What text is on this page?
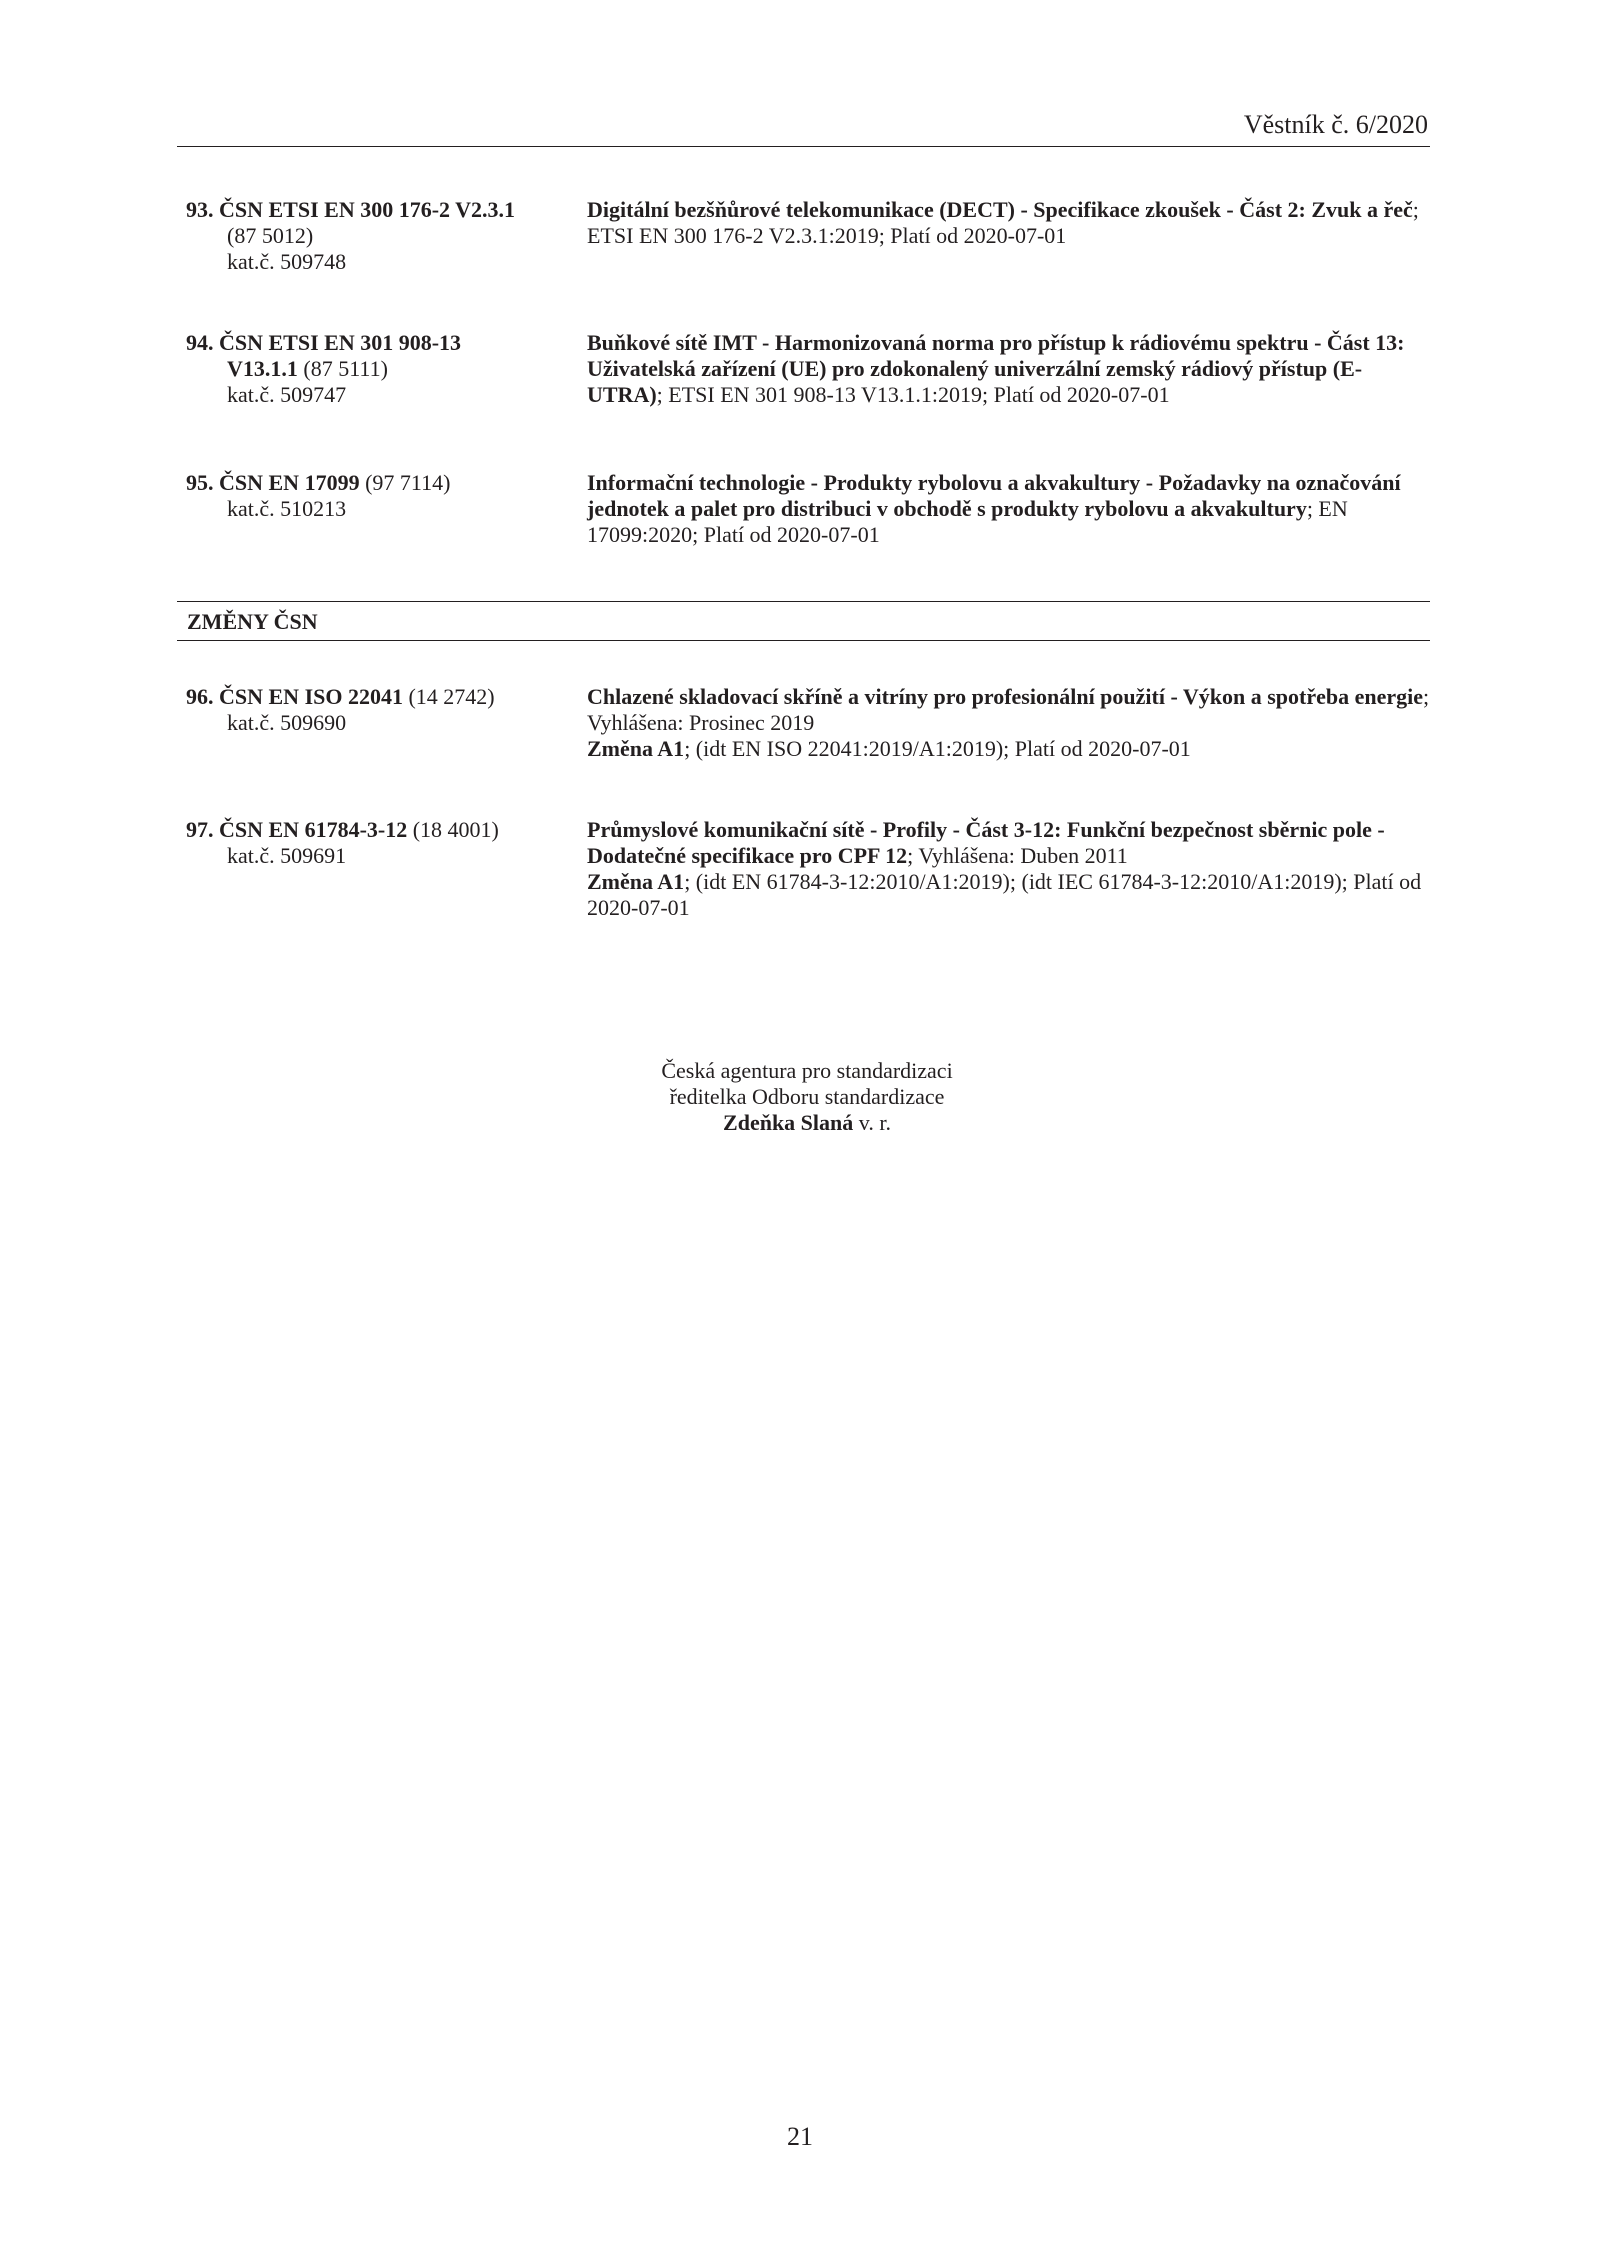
Věstník č. 6/2020
93. ČSN ETSI EN 300 176-2 V2.3.1
(87 5012)
kat.č. 509748
Digitální bezšňůrové telekomunikace (DECT) - Specifikace zkoušek - Část 2: Zvuk a řeč; ETSI EN 300 176-2 V2.3.1:2019; Platí od 2020-07-01
94. ČSN ETSI EN 301 908-13
V13.1.1 (87 5111)
kat.č. 509747
Buňkové sítě IMT - Harmonizovaná norma pro přístup k rádiovému spektru - Část 13: Uživatelská zařízení (UE) pro zdokonalený univerzální zemský rádiový přístup (E-UTRA); ETSI EN 301 908-13 V13.1.1:2019; Platí od 2020-07-01
95. ČSN EN 17099 (97 7114)
kat.č. 510213
Informační technologie - Produkty rybolovu a akvakultury - Požadavky na označování jednotek a palet pro distribuci v obchodě s produkty rybolovu a akvakultury; EN 17099:2020; Platí od 2020-07-01
ZMĚNY ČSN
96. ČSN EN ISO 22041 (14 2742)
kat.č. 509690
Chlazené skladovací skříně a vitríny pro profesionální použití - Výkon a spotřeba energie; Vyhlášena: Prosinec 2019
Změna A1; (idt EN ISO 22041:2019/A1:2019); Platí od 2020-07-01
97. ČSN EN 61784-3-12 (18 4001)
kat.č. 509691
Průmyslové komunikační sítě - Profily - Část 3-12: Funkční bezpečnost sběrnic pole - Dodatečné specifikace pro CPF 12; Vyhlášena: Duben 2011
Změna A1; (idt EN 61784-3-12:2010/A1:2019); (idt IEC 61784-3-12:2010/A1:2019); Platí od 2020-07-01
Česká agentura pro standardizaci
ředitelka Odboru standardizace
Zdeňka Slaná v. r.
21
